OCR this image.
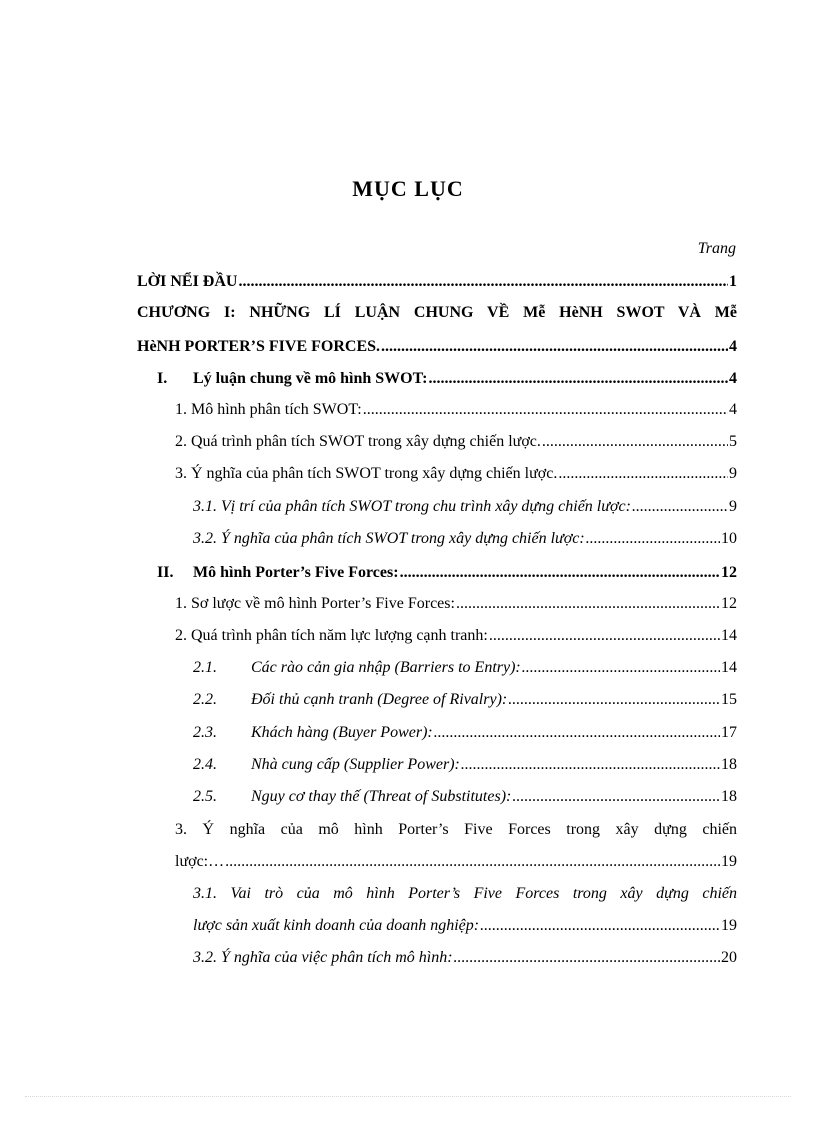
MỤC LỤC
Trang
LỜI NỂI ĐẦU .....	1
CHƯƠNG I: NHỮNG LÍ LUẬN CHUNG VỀ Mễ HèNH SWOT VÀ Mễ
HèNH PORTER’S FIVE FORCES. .....	4
I.	Lý luận chung về mô hình SWOT: .....	4
1. Mô hình phân tích SWOT: .....	4
2. Quá trình phân tích SWOT trong xây dựng chiến lược. .....	5
3. Ý nghĩa của phân tích SWOT trong xây dựng chiến lược. .....	9
3.1. Vị trí của phân tích SWOT trong chu trình xây dựng chiến lược: .....	9
3.2. Ý nghĩa của phân tích SWOT trong xây dựng chiến lược: .....	10
II.	Mô hình Porter’s Five Forces: .....	12
1. Sơ lược về mô hình Porter’s Five Forces: .....	12
2. Quá trình phân tích năm lực lượng cạnh tranh: .....	14
2.1.	Các rào cản gia nhập (Barriers to Entry): .....	14
2.2.	Đối thủ cạnh tranh (Degree of Rivalry): .....	15
2.3.	Khách hàng (Buyer Power): .....	17
2.4.	Nhà cung cấp (Supplier Power): .....	18
2.5.	Nguy cơ thay thế (Threat of Substitutes): .....	18
3. Ý nghĩa của mô hình Porter’s Five Forces trong xây dựng chiến
lược:… .....	19
3.1. Vai trò của mô hình Porter’s Five Forces trong xây dựng chiến
lược sản xuất kinh doanh của doanh nghiệp: .....	19
3.2. Ý nghĩa của việc phân tích mô hình: .....	20
